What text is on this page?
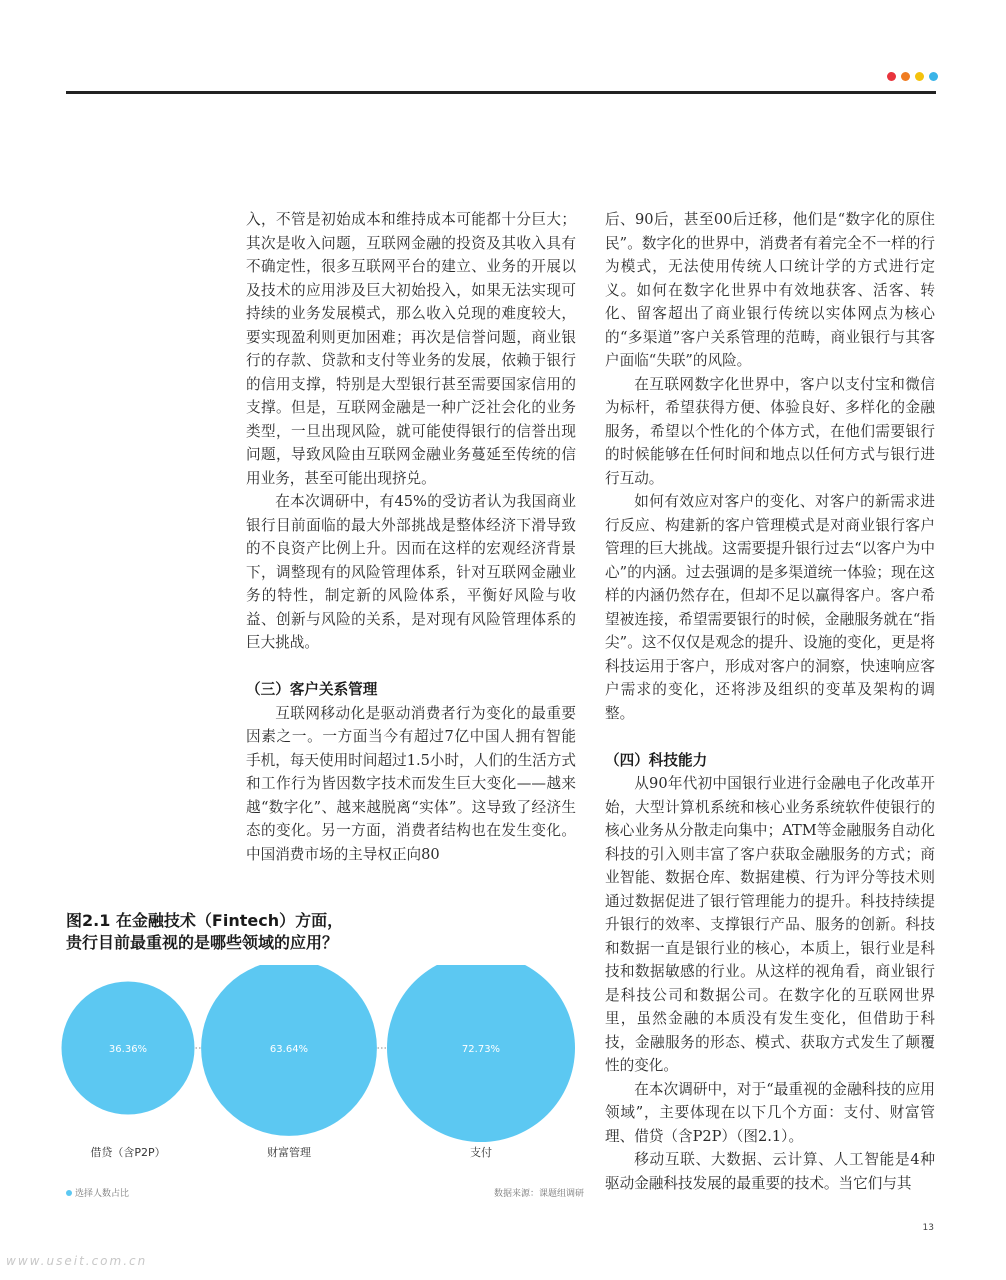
入，不管是初始成本和维持成本可能都十分巨大；其次是收入问题，互联网金融的投资及其收入具有不确定性，很多互联网平台的建立、业务的开展以及技术的应用涉及巨大初始投入，如果无法实现可持续的业务发展模式，那么收入兑现的难度较大，要实现盈利则更加困难；再次是信誉问题，商业银行的存款、贷款和支付等业务的发展，依赖于银行的信用支撑，特别是大型银行甚至需要国家信用的支撑。但是，互联网金融是一种广泛社会化的业务类型，一旦出现风险，就可能使得银行的信誉出现问题，导致风险由互联网金融业务蔓延至传统的信用业务，甚至可能出现挤兑。

在本次调研中，有45%的受访者认为我国商业银行目前面临的最大外部挑战是整体经济下滑导致的不良资产比例上升。因而在这样的宏观经济背景下，调整现有的风险管理体系，针对互联网金融业务的特性，制定新的风险体系，平衡好风险与收益、创新与风险的关系，是对现有风险管理体系的巨大挑战。

（三）客户关系管理

互联网移动化是驱动消费者行为变化的最重要因素之一。一方面当今有超过7亿中国人拥有智能手机，每天使用时间超过1.5小时，人们的生活方式和工作行为皆因数字技术而发生巨大变化——越来越“数字化”、越来越脱离“实体”。这导致了经济生态的变化。另一方面，消费者结构也在发生变化。中国消费市场的主导权正向80

后、90后，甚至00后迁移，他们是“数字化的原住民”。数字化的世界中，消费者有着完全不一样的行为模式，无法使用传统人口统计学的方式进行定义。如何在数字化世界中有效地获客、活客、转化、留客超出了商业银行传统以实体网点为核心的“多渠道”客户关系管理的范畴，商业银行与其客户面临“失联”的风险。

在互联网数字化世界中，客户以支付宝和微信为标杆，希望获得方便、体验良好、多样化的金融服务，希望以个性化的个体方式，在他们需要银行的时候能够在任何时间和地点以任何方式与银行进行互动。

如何有效应对客户的变化、对客户的新需求进行反应、构建新的客户管理模式是对商业银行客户管理的巨大挑战。这需要提升银行过去“以客户为中心”的内涵。过去强调的是多渠道统一体验；现在这样的内涵仍然存在，但却不足以赢得客户。客户希望被连接，希望需要银行的时候，金融服务就在“指尖”。这不仅仅是观念的提升、设施的变化，更是将科技运用于客户，形成对客户的洞察，快速响应客户需求的变化，还将涉及组织的变革及架构的调整。

（四）科技能力

从90年代初中国银行业进行金融电子化改革开始，大型计算机系统和核心业务系统软件使银行的核心业务从分散走向集中；ATM等金融服务自动化科技的引入则丰富了客户获取金融服务的方式；商业智能、数据仓库、数据建模、行为评分等技术则通过数据促进了银行管理能力的提升。科技持续提升银行的效率、支撑银行产品、服务的创新。科技和数据一直是银行业的核心，本质上，银行业是科技和数据敏感的行业。从这样的视角看，商业银行是科技公司和数据公司。在数字化的互联网世界里，虽然金融的本质没有发生变化，但借助于科技，金融服务的形态、模式、获取方式发生了颠覆性的变化。

在本次调研中，对于“最重视的金融科技的应用领域”，主要体现在以下几个方面：支付、财富管理、借贷（含P2P）（图2.1）。

移动互联、大数据、云计算、人工智能是4种驱动金融科技发展的最重要的技术。当它们与其

图2.1 在金融技术（Fintech）方面，
贵行目前最重视的是哪些领域的应用？
36.36%
借贷（含P2P）
63.64%
财富管理
72.73%
支付
选择人数占比	数据来源：课题组调研
13
www.useit.com.cn
